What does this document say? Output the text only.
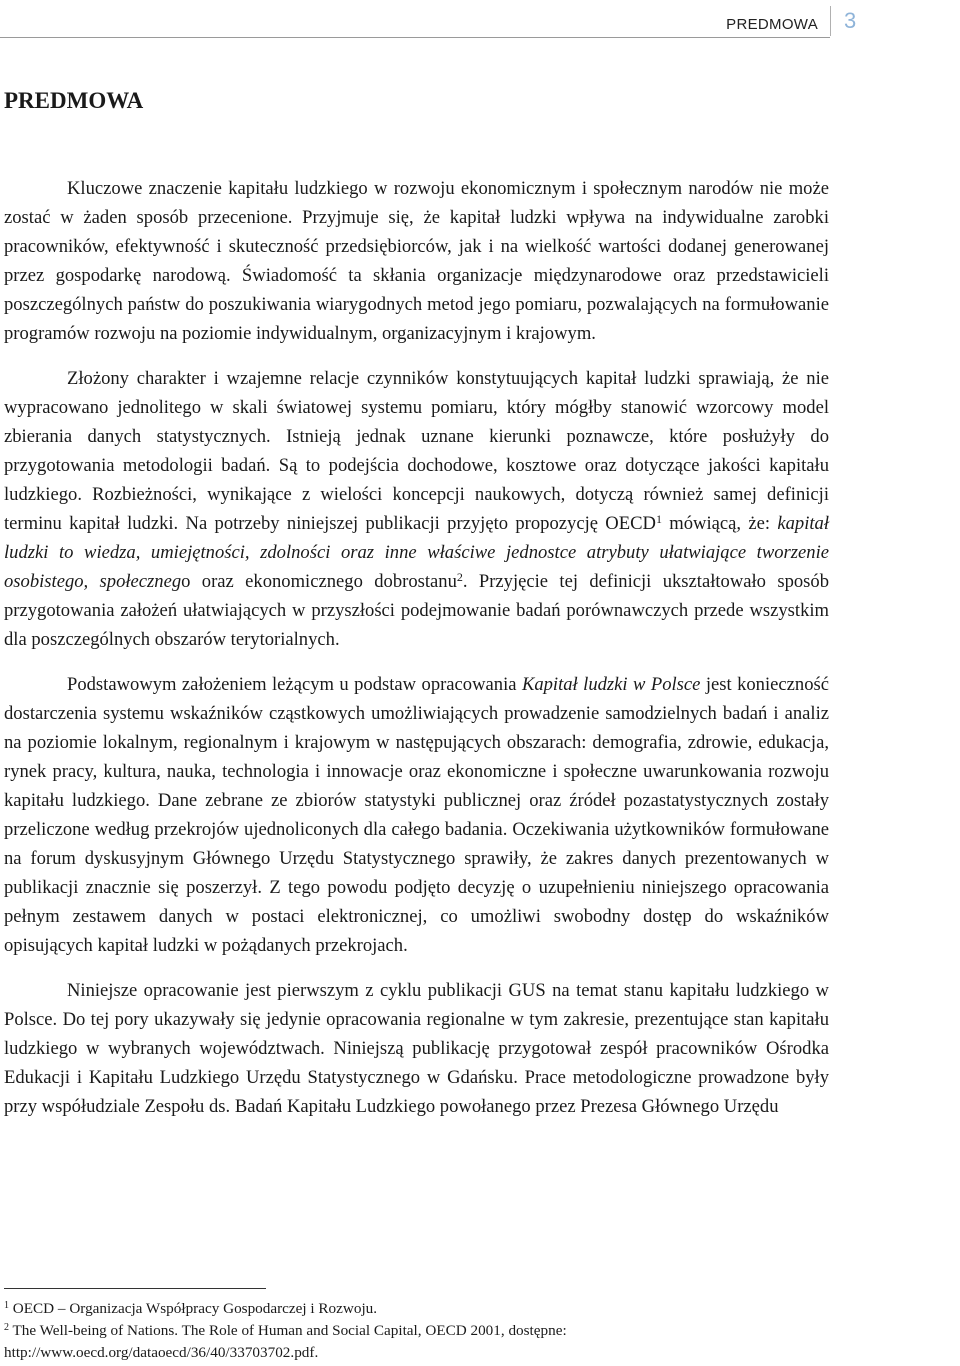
PREDMOWA 3
PREDMOWA

Kluczowe znaczenie kapitału ludzkiego w rozwoju ekonomicznym i społecznym narodów nie może zostać w żaden sposób przecenione. Przyjmuje się, że kapitał ludzki wpływa na indywidualne zarobki pracowników, efektywność i skuteczność przedsiębiorców, jak i na wielkość wartości dodanej generowanej przez gospodarkę narodową. Świadomość ta skłania organizacje międzynarodowe oraz przedstawicieli poszczególnych państw do poszukiwania wiarygodnych metod jego pomiaru, pozwalających na formułowanie programów rozwoju na poziomie indywidualnym, organizacyjnym i krajowym.

Złożony charakter i wzajemne relacje czynników konstytuujących kapitał ludzki sprawiają, że nie wypracowano jednolitego w skali światowej systemu pomiaru, który mógłby stanowić wzorcowy model zbierania danych statystycznych. Istnieją jednak uznane kierunki poznawcze, które posłużyły do przygotowania metodologii badań. Są to podejścia dochodowe, kosztowe oraz dotyczące jakości kapitału ludzkiego. Rozbieżności, wynikające z wielości koncepcji naukowych, dotyczą również samej definicji terminu kapitał ludzki. Na potrzeby niniejszej publikacji przyjęto propozycję OECD$^1$ mówiącą, że: kapitał ludzki to wiedza, umiejętności, zdolności oraz inne właściwe jednostce atrybuty ułatwiające tworzenie osobistego, społecznego oraz ekonomicznego dobrostanu$^2$. Przyjęcie tej definicji ukształtowało sposób przygotowania założeń ułatwiających w przyszłości podejmowanie badań porównawczych przede wszystkim dla poszczególnych obszarów terytorialnych.

Podstawowym założeniem leżącym u podstaw opracowania Kapitał ludzki w Polsce jest konieczność dostarczenia systemu wskaźników cząstkowych umożliwiających prowadzenie samodzielnych badań i analiz na poziomie lokalnym, regionalnym i krajowym w następujących obszarach: demografia, zdrowie, edukacja, rynek pracy, kultura, nauka, technologia i innowacje oraz ekonomiczne i społeczne uwarunkowania rozwoju kapitału ludzkiego. Dane zebrane ze zbiorów statystyki publicznej oraz źródeł pozastatystycznych zostały przeliczone według przekrojów ujednoliconych dla całego badania. Oczekiwania użytkowników formułowane na forum dyskusyjnym Głównego Urzędu Statystycznego sprawiły, że zakres danych prezentowanych w publikacji znacznie się poszerzył. Z tego powodu podjęto decyzję o uzupełnieniu niniejszego opracowania pełnym zestawem danych w postaci elektronicznej, co umożliwi swobodny dostęp do wskaźników opisujących kapitał ludzki w pożądanych przekrojach.

Niniejsze opracowanie jest pierwszym z cyklu publikacji GUS na temat stanu kapitału ludzkiego w Polsce. Do tej pory ukazywały się jedynie opracowania regionalne w tym zakresie, prezentujące stan kapitału ludzkiego w wybranych województwach. Niniejszą publikację przygotował zespół pracowników Ośrodka Edukacji i Kapitału Ludzkiego Urzędu Statystycznego w Gdańsku. Prace metodologiczne prowadzone były przy współudziale Zespołu ds. Badań Kapitału Ludzkiego powołanego przez Prezesa Głównego Urzędu

$^1$ OECD – Organizacja Współpracy Gospodarczej i Rozwoju.
$^2$ The Well-being of Nations. The Role of Human and Social Capital, OECD 2001, dostępne: http://www.oecd.org/dataoecd/36/40/33703702.pdf.
